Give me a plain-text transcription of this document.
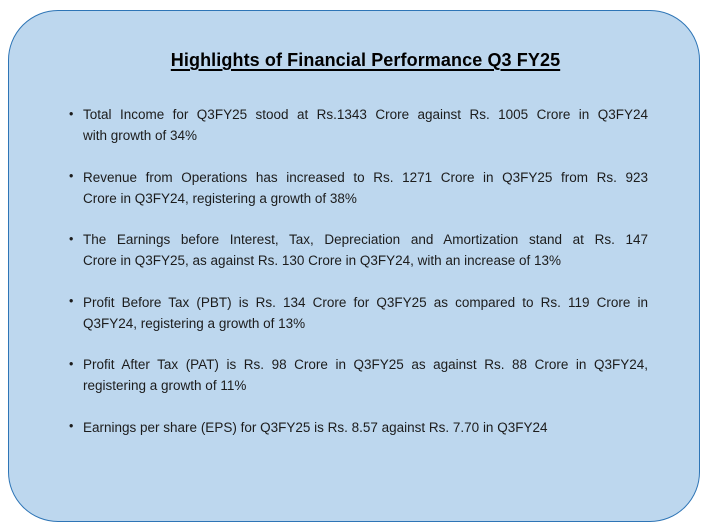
Highlights of Financial Performance Q3 FY25
• Total Income for Q3FY25 stood at Rs.1343 Crore against Rs. 1005 Crore in Q3FY24
with growth of 34%
• Revenue from Operations has increased to Rs. 1271 Crore in Q3FY25 from Rs. 923
Crore in Q3FY24, registering a growth of 38%
• The Earnings before Interest, Tax, Depreciation and Amortization stand at Rs. 147
Crore in Q3FY25, as against Rs. 130 Crore in Q3FY24, with an increase of 13%
• Profit Before Tax (PBT) is Rs. 134 Crore for Q3FY25 as compared to Rs. 119 Crore in
Q3FY24, registering a growth of 13%
• Profit After Tax (PAT) is Rs. 98 Crore in Q3FY25 as against Rs. 88 Crore in Q3FY24,
registering a growth of 11%
• Earnings per share (EPS) for Q3FY25 is Rs. 8.57 against Rs. 7.70 in Q3FY24
